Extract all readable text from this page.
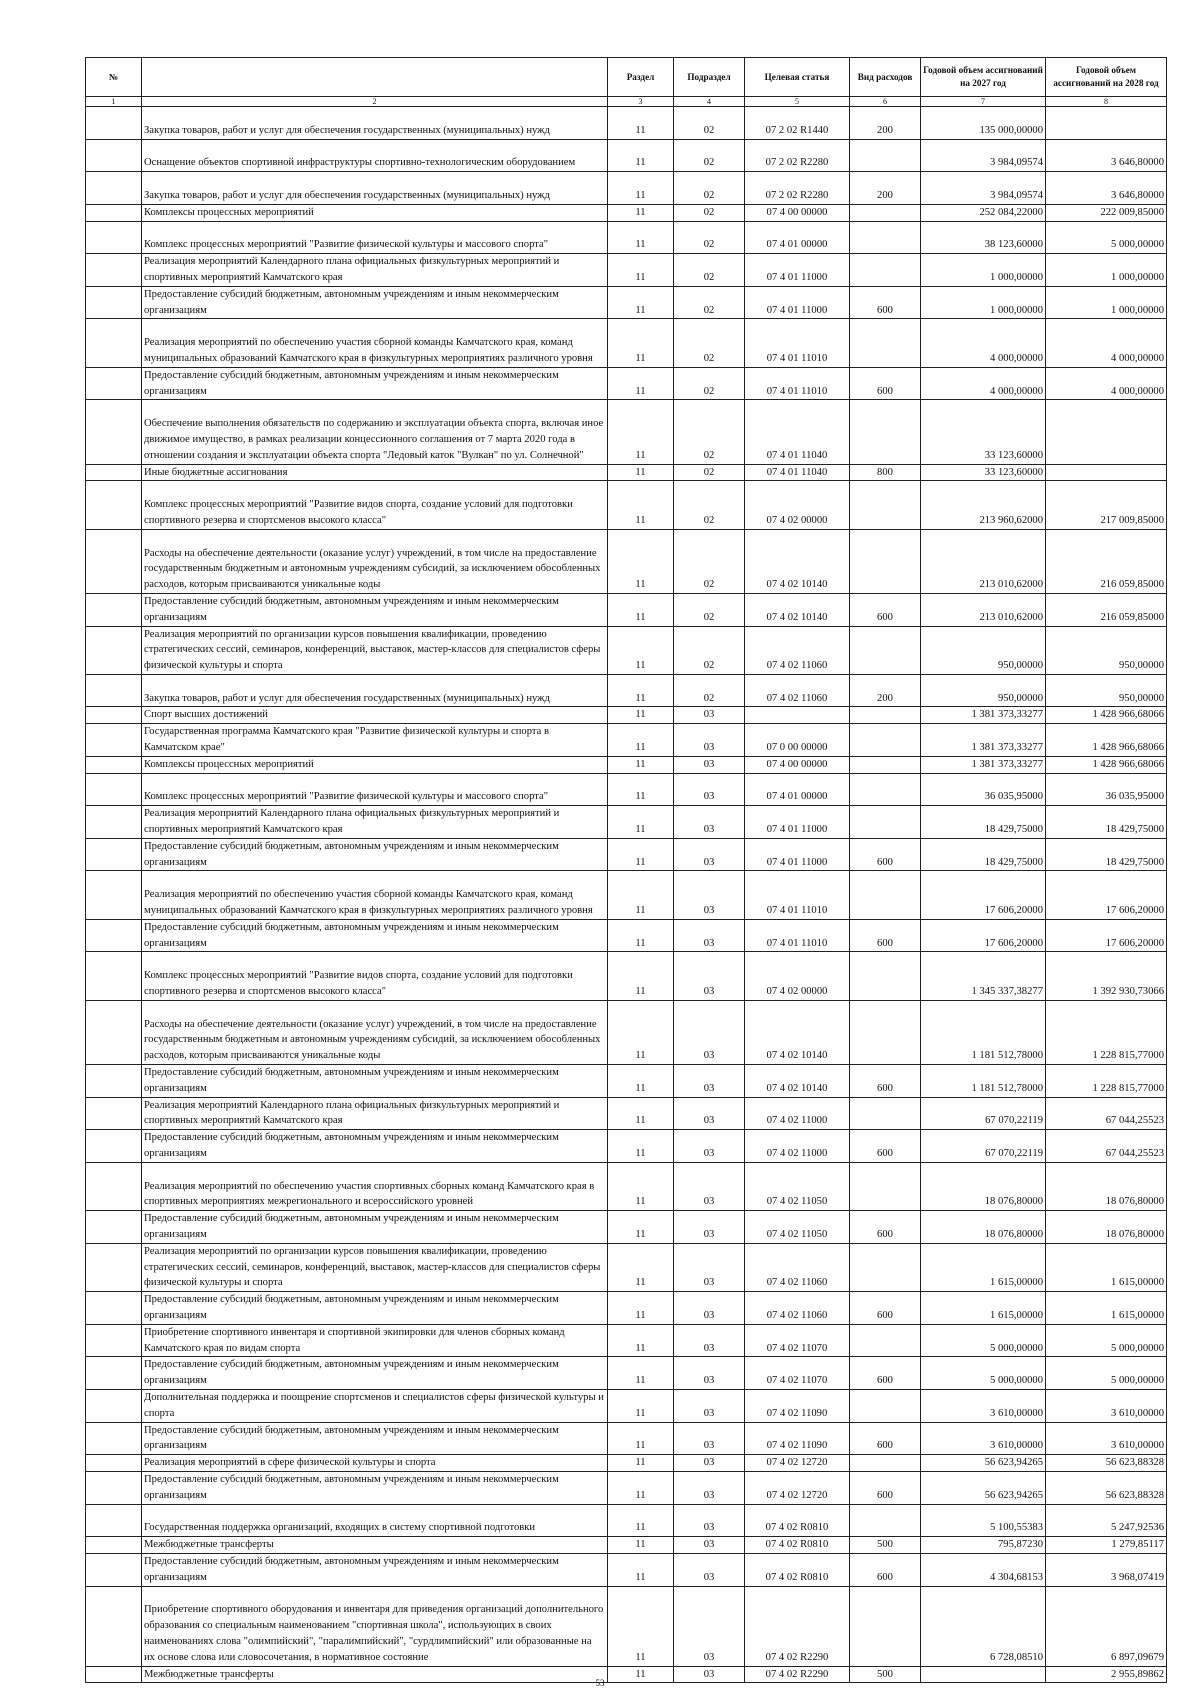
№		Раздел	Подраздел	Целевая статья	Вид расходов	Годовой объем ассигнований на 2027 год	Годовой объем ассигнований на 2028 год
1	2	3	4	5	6	7	8
	Закупка товаров, работ и услуг для обеспечения государственных (муниципальных) нужд	11	02	07 2 02 R1440	200	135 000,00000	
	Оснащение объектов спортивной инфраструктуры спортивно-технологическим оборудованием	11	02	07 2 02 R2280		3 984,09574	3 646,80000
	Закупка товаров, работ и услуг для обеспечения государственных (муниципальных) нужд	11	02	07 2 02 R2280	200	3 984,09574	3 646,80000
	Комплексы процессных мероприятий	11	02	07 4 00 00000		252 084,22000	222 009,85000
	Комплекс процессных мероприятий "Развитие физической культуры и массового спорта"	11	02	07 4 01 00000		38 123,60000	5 000,00000
	Реализация мероприятий Календарного плана официальных физкультурных мероприятий и спортивных мероприятий Камчатского края	11	02	07 4 01 11000		1 000,00000	1 000,00000
	Предоставление субсидий бюджетным, автономным учреждениям и иным некоммерческим организациям	11	02	07 4 01 11000	600	1 000,00000	1 000,00000
	Реализация мероприятий по обеспечению участия сборной команды Камчатского края, команд муниципальных образований Камчатского края в физкультурных мероприятиях различного уровня	11	02	07 4 01 11010		4 000,00000	4 000,00000
	Предоставление субсидий бюджетным, автономным учреждениям и иным некоммерческим организациям	11	02	07 4 01 11010	600	4 000,00000	4 000,00000
	Обеспечение выполнения обязательств по содержанию и эксплуатации объекта спорта, включая иное движимое имущество, в рамках реализации концессионного соглашения от 7 марта 2020 года в отношении создания и эксплуатации объекта спорта "Ледовый каток "Вулкан" по ул. Солнечной"	11	02	07 4 01 11040		33 123,60000	
	Иные бюджетные ассигнования	11	02	07 4 01 11040	800	33 123,60000	
	Комплекс процессных мероприятий "Развитие видов спорта, создание условий для подготовки спортивного резерва и спортсменов высокого класса"	11	02	07 4 02 00000		213 960,62000	217 009,85000
	Расходы на обеспечение деятельности (оказание услуг) учреждений, в том числе на предоставление государственным бюджетным и автономным учреждениям субсидий, за исключением обособленных расходов, которым присваиваются уникальные коды	11	02	07 4 02 10140		213 010,62000	216 059,85000
	Предоставление субсидий бюджетным, автономным учреждениям и иным некоммерческим организациям	11	02	07 4 02 10140	600	213 010,62000	216 059,85000
	Реализация мероприятий по организации курсов повышения квалификации, проведению стратегических сессий, семинаров, конференций, выставок, мастер-классов для специалистов сферы физической культуры и спорта	11	02	07 4 02 11060		950,00000	950,00000
	Закупка товаров, работ и услуг для обеспечения государственных (муниципальных) нужд	11	02	07 4 02 11060	200	950,00000	950,00000
	Спорт высших достижений	11	03			1 381 373,33277	1 428 966,68066
	Государственная программа Камчатского края "Развитие физической культуры и спорта в Камчатском крае"	11	03	07 0 00 00000		1 381 373,33277	1 428 966,68066
	Комплексы процессных мероприятий	11	03	07 4 00 00000		1 381 373,33277	1 428 966,68066
	Комплекс процессных мероприятий "Развитие физической культуры и массового спорта"	11	03	07 4 01 00000		36 035,95000	36 035,95000
	Реализация мероприятий Календарного плана официальных физкультурных мероприятий и спортивных мероприятий Камчатского края	11	03	07 4 01 11000		18 429,75000	18 429,75000
	Предоставление субсидий бюджетным, автономным учреждениям и иным некоммерческим организациям	11	03	07 4 01 11000	600	18 429,75000	18 429,75000
	Реализация мероприятий по обеспечению участия сборной команды Камчатского края, команд муниципальных образований Камчатского края в физкультурных мероприятиях различного уровня	11	03	07 4 01 11010		17 606,20000	17 606,20000
	Предоставление субсидий бюджетным, автономным учреждениям и иным некоммерческим организациям	11	03	07 4 01 11010	600	17 606,20000	17 606,20000
	Комплекс процессных мероприятий "Развитие видов спорта, создание условий для подготовки спортивного резерва и спортсменов высокого класса"	11	03	07 4 02 00000		1 345 337,38277	1 392 930,73066
	Расходы на обеспечение деятельности (оказание услуг) учреждений, в том числе на предоставление государственным бюджетным и автономным учреждениям субсидий, за исключением обособленных расходов, которым присваиваются уникальные коды	11	03	07 4 02 10140		1 181 512,78000	1 228 815,77000
	Предоставление субсидий бюджетным, автономным учреждениям и иным некоммерческим организациям	11	03	07 4 02 10140	600	1 181 512,78000	1 228 815,77000
	Реализация мероприятий Календарного плана официальных физкультурных мероприятий и спортивных мероприятий Камчатского края	11	03	07 4 02 11000		67 070,22119	67 044,25523
	Предоставление субсидий бюджетным, автономным учреждениям и иным некоммерческим организациям	11	03	07 4 02 11000	600	67 070,22119	67 044,25523
	Реализация мероприятий по обеспечению участия спортивных сборных команд Камчатского края в спортивных мероприятиях межрегионального и всероссийского уровней	11	03	07 4 02 11050		18 076,80000	18 076,80000
	Предоставление субсидий бюджетным, автономным учреждениям и иным некоммерческим организациям	11	03	07 4 02 11050	600	18 076,80000	18 076,80000
	Реализация мероприятий по организации курсов повышения квалификации, проведению стратегических сессий, семинаров, конференций, выставок, мастер-классов для специалистов сферы физической культуры и спорта	11	03	07 4 02 11060		1 615,00000	1 615,00000
	Предоставление субсидий бюджетным, автономным учреждениям и иным некоммерческим организациям	11	03	07 4 02 11060	600	1 615,00000	1 615,00000
	Приобретение спортивного инвентаря и спортивной экипировки для членов сборных команд Камчатского края по видам спорта	11	03	07 4 02 11070		5 000,00000	5 000,00000
	Предоставление субсидий бюджетным, автономным учреждениям и иным некоммерческим организациям	11	03	07 4 02 11070	600	5 000,00000	5 000,00000
	Дополнительная поддержка и поощрение спортсменов и специалистов сферы физической культуры и спорта	11	03	07 4 02 11090		3 610,00000	3 610,00000
	Предоставление субсидий бюджетным, автономным учреждениям и иным некоммерческим организациям	11	03	07 4 02 11090	600	3 610,00000	3 610,00000
	Реализация мероприятий в сфере физической культуры и спорта	11	03	07 4 02 12720		56 623,94265	56 623,88328
	Предоставление субсидий бюджетным, автономным учреждениям и иным некоммерческим организациям	11	03	07 4 02 12720	600	56 623,94265	56 623,88328
	Государственная поддержка организаций, входящих в систему спортивной подготовки	11	03	07 4 02 R0810		5 100,55383	5 247,92536
	Межбюджетные трансферты	11	03	07 4 02 R0810	500	795,87230	1 279,85117
	Предоставление субсидий бюджетным, автономным учреждениям и иным некоммерческим организациям	11	03	07 4 02 R0810	600	4 304,68153	3 968,07419
	Приобретение спортивного оборудования и инвентаря для приведения организаций дополнительного образования со специальным наименованием "спортивная школа", использующих в своих наименованиях слова "олимпийский", "паралимпийский", "сурдлимпийский" или образованные на их основе слова или словосочетания, в нормативное состояние	11	03	07 4 02 R2290		6 728,08510	6 897,09679
	Межбюджетные трансферты	11	03	07 4 02 R2290	500		2 955,89862
53
